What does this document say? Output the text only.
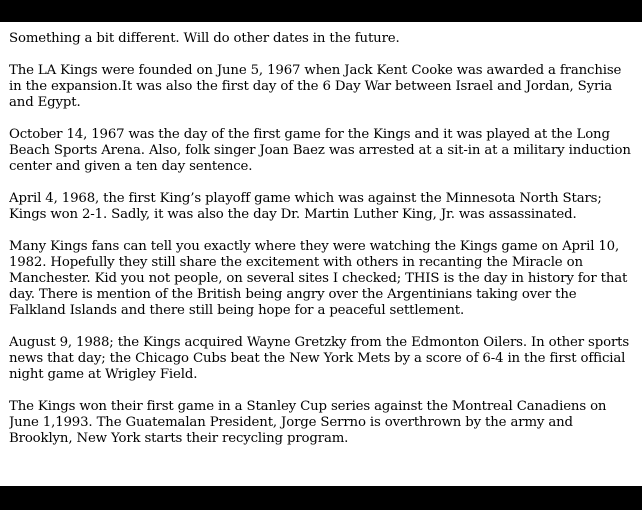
Something a bit different. Will do other dates in the future.

The LA Kings were founded on June 5, 1967 when Jack Kent Cooke was awarded a franchise in the expansion.It was also the first day of the 6 Day War between Israel and Jordan, Syria and Egypt.

October 14, 1967 was the day of the first game for the Kings and it was played at the Long Beach Sports Arena. Also, folk singer Joan Baez was arrested at a sit-in at a military induction center and given a ten day sentence.

April 4, 1968, the first King’s playoff game which was against the Minnesota North Stars; Kings won 2-1. Sadly, it was also the day Dr. Martin Luther King, Jr. was assassinated.

Many Kings fans can tell you exactly where they were watching the Kings game on April 10, 1982. Hopefully they still share the excitement with others in recanting the Miracle on Manchester. Kid you not people, on several sites I checked; THIS is the day in history for that day. There is mention of the British being angry over the Argentinians taking over the Falkland Islands and there still being hope for a peaceful settlement.

August 9, 1988; the Kings acquired Wayne Gretzky from the Edmonton Oilers. In other sports news that day; the Chicago Cubs beat the New York Mets by a score of 6-4 in the first official night game at Wrigley Field.

The Kings won their first game in a Stanley Cup series against the Montreal Canadiens on June 1,1993. The Guatemalan President, Jorge Serrno is overthrown by the army and Brooklyn, New York starts their recycling program.
